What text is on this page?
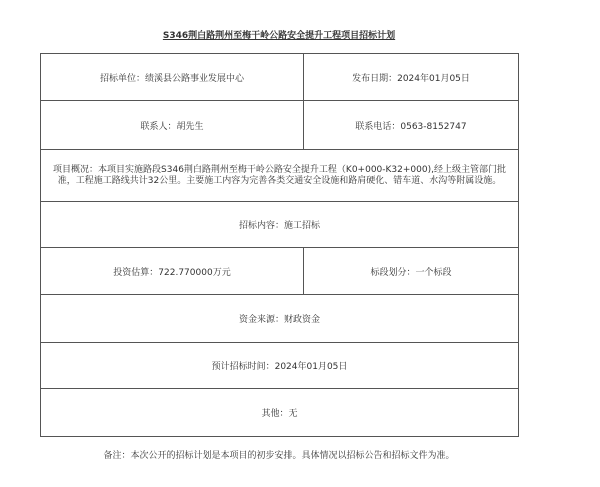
S346荆白路荆州至梅干岭公路安全提升工程项目招标计划
招标单位：绩溪县公路事业发展中心	发布日期：2024年01月05日
联系人：胡先生	联系电话：0563-8152747
项目概况：本项目实施路段S346荆白路荆州至梅干岭公路安全提升工程（K0+000-K32+000),经上级主管部门批准，工程施工路线共计32公里。主要施工内容为完善各类交通安全设施和路肩硬化、错车道、水沟等附属设施。	
招标内容：施工招标	
投资估算：722.770000万元	标段划分：一个标段
资金来源：财政资金	
预计招标时间：2024年01月05日	
其他：无	
备注：本次公开的招标计划是本项目的初步安排。具体情况以招标公告和招标文件为准。
